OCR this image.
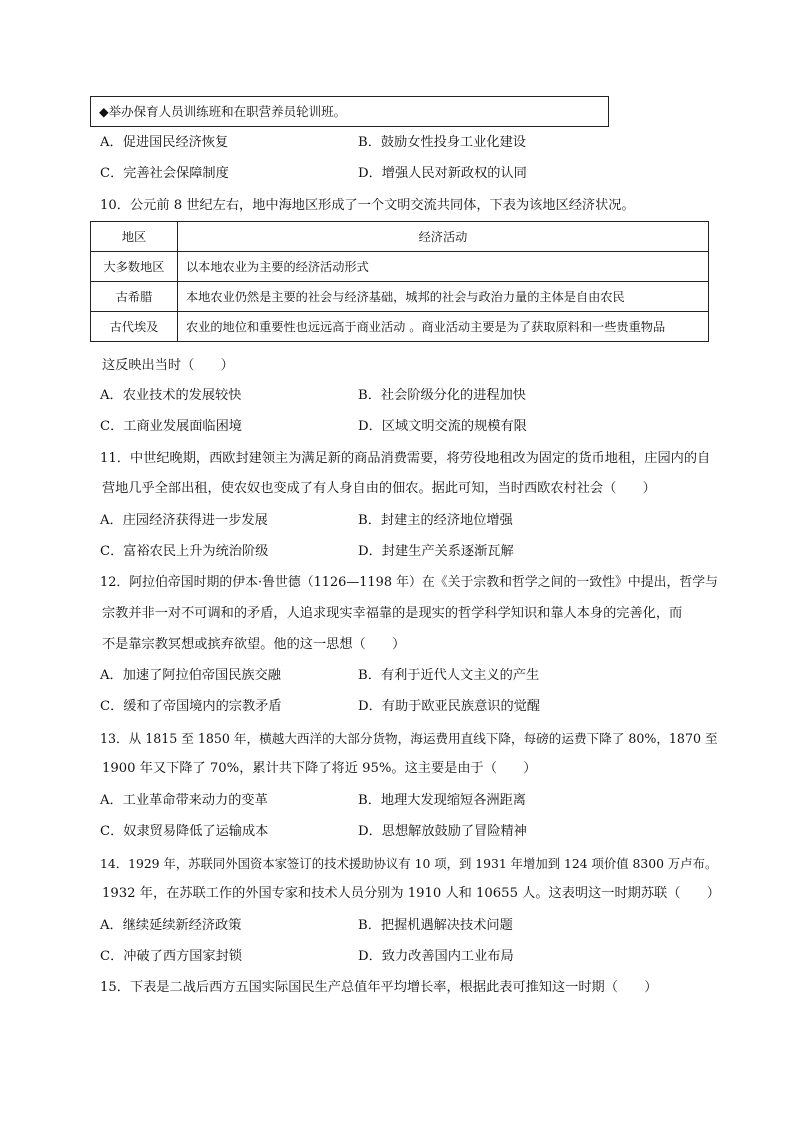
◆举办保育人员训练班和在职营养员轮训班。
A．促进国民经济恢复	B．鼓励女性投身工业化建设
C．完善社会保障制度	D．增强人民对新政权的认同
10．公元前 8 世纪左右，地中海地区形成了一个文明交流共同体，下表为该地区经济状况。
地区	经济活动
大多数地区	以本地农业为主要的经济活动形式
古希腊	本地农业仍然是主要的社会与经济基础，城邦的社会与政治力量的主体是自由农民
古代埃及	农业的地位和重要性也远远高于商业活动 。商业活动主要是为了获取原料和一些贵重物品
这反映出当时（　　）
A．农业技术的发展较快	B．社会阶级分化的进程加快
C．工商业发展面临困境	D．区域文明交流的规模有限
11．中世纪晚期，西欧封建领主为满足新的商品消费需要，将劳役地租改为固定的货币地租，庄园内的自
营地几乎全部出租，使农奴也变成了有人身自由的佃农。据此可知，当时西欧农村社会（　　）
A．庄园经济获得进一步发展	B．封建主的经济地位增强
C．富裕农民上升为统治阶级	D．封建生产关系逐渐瓦解
12．阿拉伯帝国时期的伊本·鲁世德（1126—1198 年）在《关于宗教和哲学之间的一致性》中提出，哲学与
宗教并非一对不可调和的矛盾，人追求现实幸福靠的是现实的哲学科学知识和靠人本身的完善化，而
不是靠宗教冥想或摈弃欲望。他的这一思想（　　）
A．加速了阿拉伯帝国民族交融	B．有利于近代人文主义的产生
C．缓和了帝国境内的宗教矛盾	D．有助于欧亚民族意识的觉醒
13．从 1815 至 1850 年，横越大西洋的大部分货物，海运费用直线下降，每磅的运费下降了 80%，1870 至
1900 年又下降了 70%，累计共下降了将近 95%。这主要是由于（　　）
A．工业革命带来动力的变革	B．地理大发现缩短各洲距离
C．奴隶贸易降低了运输成本	D．思想解放鼓励了冒险精神
14．1929 年，苏联同外国资本家签订的技术援助协议有 10 项，到 1931 年增加到 124 项价值 8300 万卢布。
1932 年，在苏联工作的外国专家和技术人员分别为 1910 人和 10655 人。这表明这一时期苏联（　　）
A．继续延续新经济政策	B．把握机遇解决技术问题
C．冲破了西方国家封锁	D．致力改善国内工业布局
15．下表是二战后西方五国实际国民生产总值年平均增长率，根据此表可推知这一时期（　　）
